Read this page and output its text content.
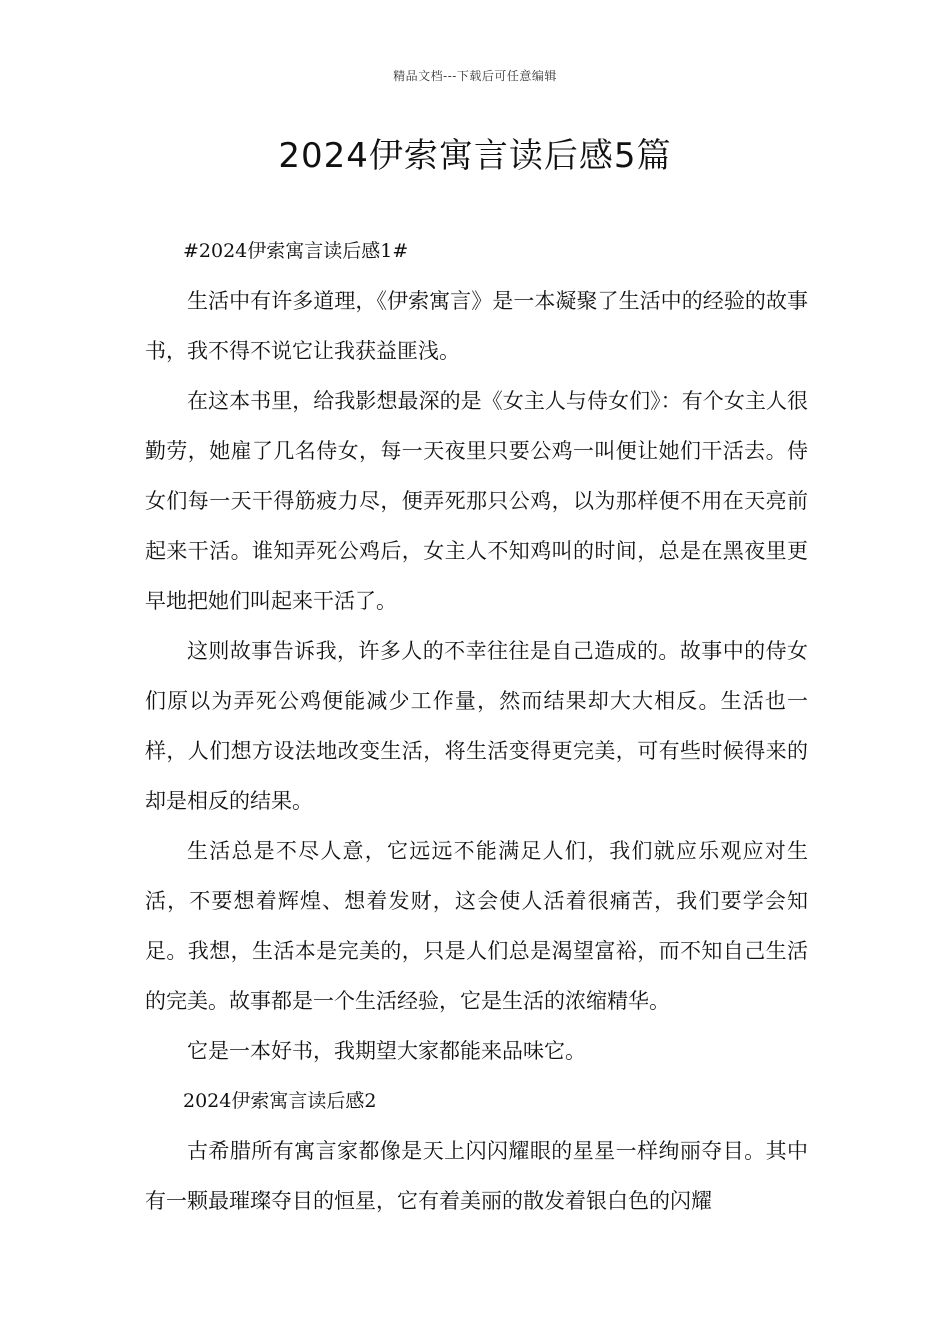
精品文档---下载后可任意编辑
2024伊索寓言读后感5篇

#2024伊索寓言读后感1#

生活中有许多道理，《伊索寓言》是一本凝聚了生活中的经验的故事书，我不得不说它让我获益匪浅。

在这本书里，给我影想最深的是《女主人与侍女们》：有个女主人很勤劳，她雇了几名侍女，每一天夜里只要公鸡一叫便让她们干活去。侍女们每一天干得筋疲力尽，便弄死那只公鸡，以为那样便不用在天亮前起来干活。谁知弄死公鸡后，女主人不知鸡叫的时间，总是在黑夜里更早地把她们叫起来干活了。

这则故事告诉我，许多人的不幸往往是自己造成的。故事中的侍女们原以为弄死公鸡便能减少工作量，然而结果却大大相反。生活也一样，人们想方设法地改变生活，将生活变得更完美，可有些时候得来的却是相反的结果。

生活总是不尽人意，它远远不能满足人们，我们就应乐观应对生活，不要想着辉煌、想着发财，这会使人活着很痛苦，我们要学会知足。我想，生活本是完美的，只是人们总是渴望富裕，而不知自己生活的完美。故事都是一个生活经验，它是生活的浓缩精华。

它是一本好书，我期望大家都能来品味它。

2024伊索寓言读后感2

古希腊所有寓言家都像是天上闪闪耀眼的星星一样绚丽夺目。其中有一颗最璀璨夺目的恒星，它有着美丽的散发着银白色的闪耀
